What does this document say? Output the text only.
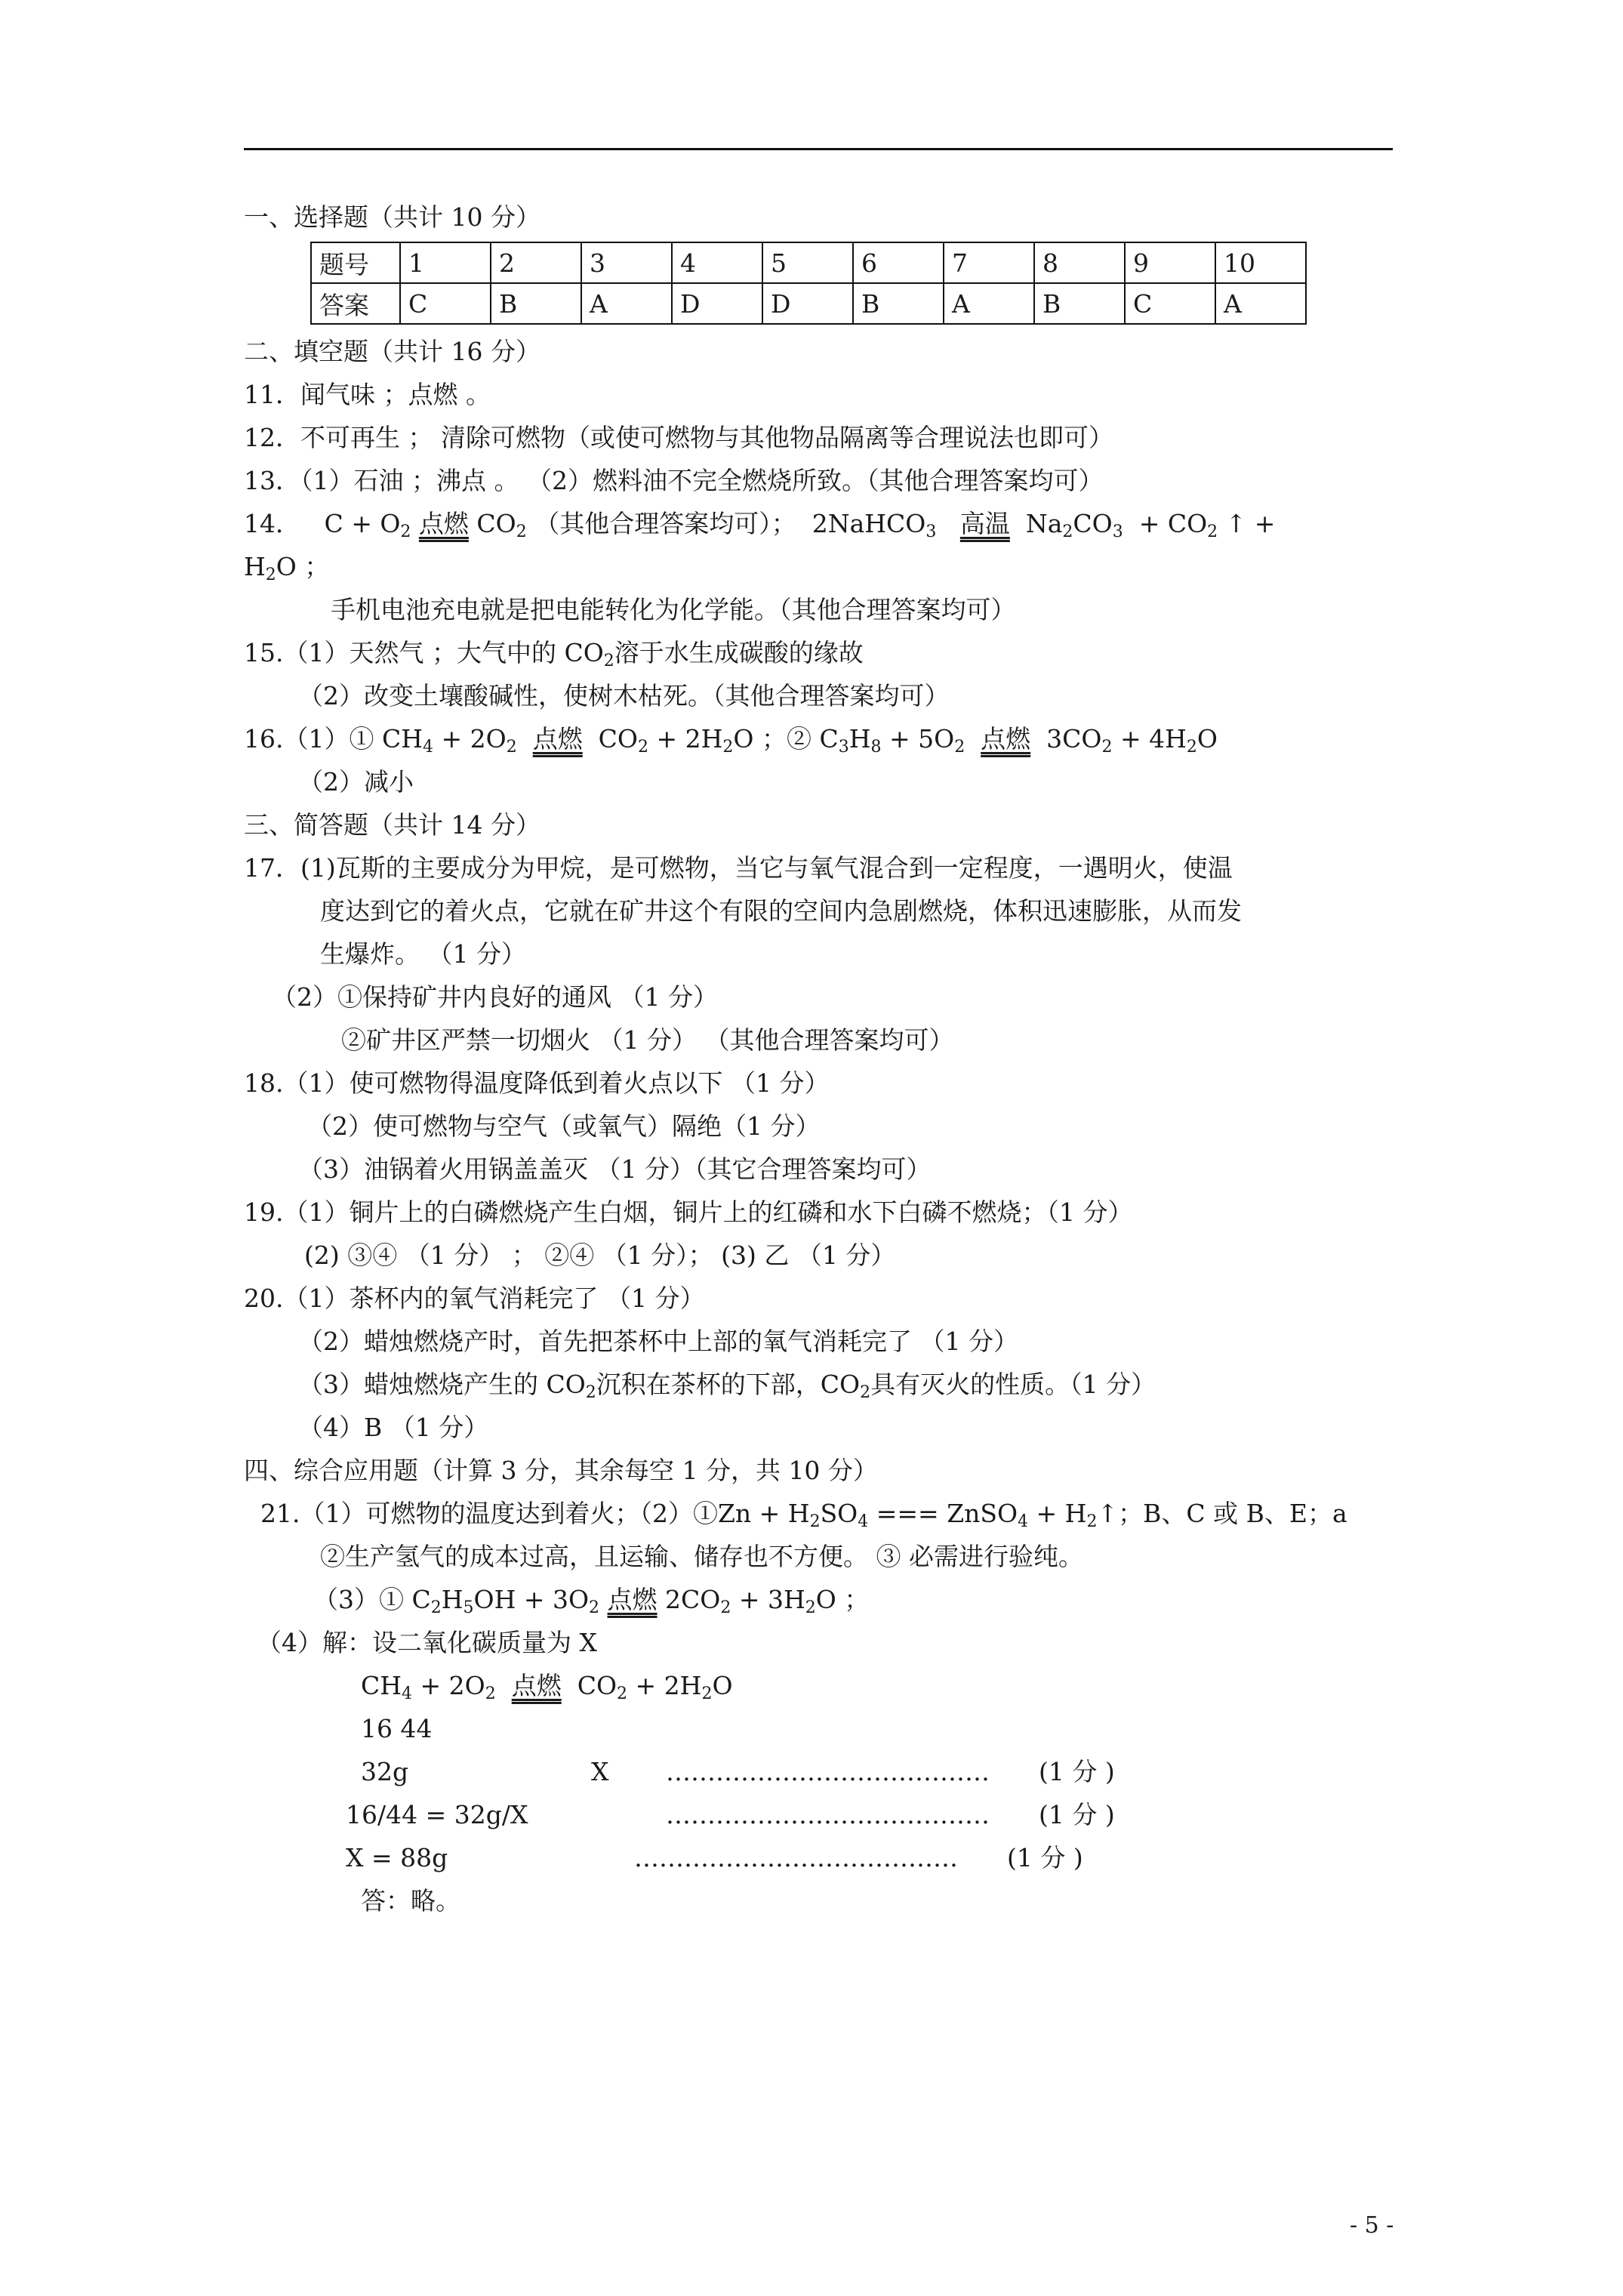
一、选择题（共计 10 分）
题号	1	2	3	4	5	6	7	8	9	10
答案	C	B	A	D	D	B	A	B	C	A
二、填空题（共计 16 分）
11．闻气味 ；点燃 。
12．不可再生 ； 清除可燃物（或使可燃物与其他物品隔离等合理说法也即可）
13．（1）石油 ；沸点 。 （2）燃料油不完全燃烧所致。（其他合理答案均可）
14． $C + O_2$ 点燃 $CO_2$ （其他合理答案均可）； 2NaHCO$_3$ 高温 $Na_2CO_3 + CO_2$ ↑ +
$H_2O$ ；
手机电池充电就是把电能转化为化学能。（其他合理答案均可）
15.（1）天然气 ；大气中的 $CO_2$溶于水生成碳酸的缘故
（2）改变土壤酸碱性，使树木枯死。（其他合理答案均可）
16.（1）① $CH_4 + 2O_2$ 点燃 $CO_2 + 2H_2O$ ；② $C_3H_8 + 5O_2$ 点燃 $3CO_2 + 4H_2O$
（2）减小
三、简答题（共计 14 分）
17．(1)瓦斯的主要成分为甲烷，是可燃物，当它与氧气混合到一定程度，一遇明火，使温
度达到它的着火点，它就在矿井这个有限的空间内急剧燃烧，体积迅速膨胀，从而发
生爆炸。 （1 分）
（2）①保持矿井内良好的通风 （1 分）
②矿井区严禁一切烟火 （1 分） （其他合理答案均可）
18.（1）使可燃物得温度降低到着火点以下 （1 分）
（2）使可燃物与空气（或氧气）隔绝（1 分）
（3）油锅着火用锅盖盖灭 （1 分）（其它合理答案均可）
19.（1）铜片上的白磷燃烧产生白烟，铜片上的红磷和水下白磷不燃烧；（1 分）
(2) ③④ （1 分） ； ②④ （1 分）； (3) 乙 （1 分）
20.（1）茶杯内的氧气消耗完了 （1 分）
（2）蜡烛燃烧产时，首先把茶杯中上部的氧气消耗完了 （1 分）
（3）蜡烛燃烧产生的 $CO_2$沉积在茶杯的下部，$CO_2$具有灭火的性质。（1 分）
（4）B （1 分）
四、综合应用题（计算 3 分，其余每空 1 分，共 10 分）
21.（1）可燃物的温度达到着火；（2）①Zn + $H_2SO_4$ === ZnSO$_4$ + $H_2↑$；B、C 或 B、E；a
②生产氢气的成本过高，且运输、储存也不方便。 ③ 必需进行验纯。
（3）① $C_2H_5OH + 3O_2$ 点燃 $2CO_2 + 3H_2O$ ；
（4）解：设二氧化碳质量为 X
$CH_4 + 2O_2$ 点燃 $CO_2 + 2H_2O$
16 44
32g	X ………………………………… (1 分 )
16/44 = 32g/X	………………………………… (1 分 )
X = 88g	………………………………… (1 分 )
答：略。
- 5 -
